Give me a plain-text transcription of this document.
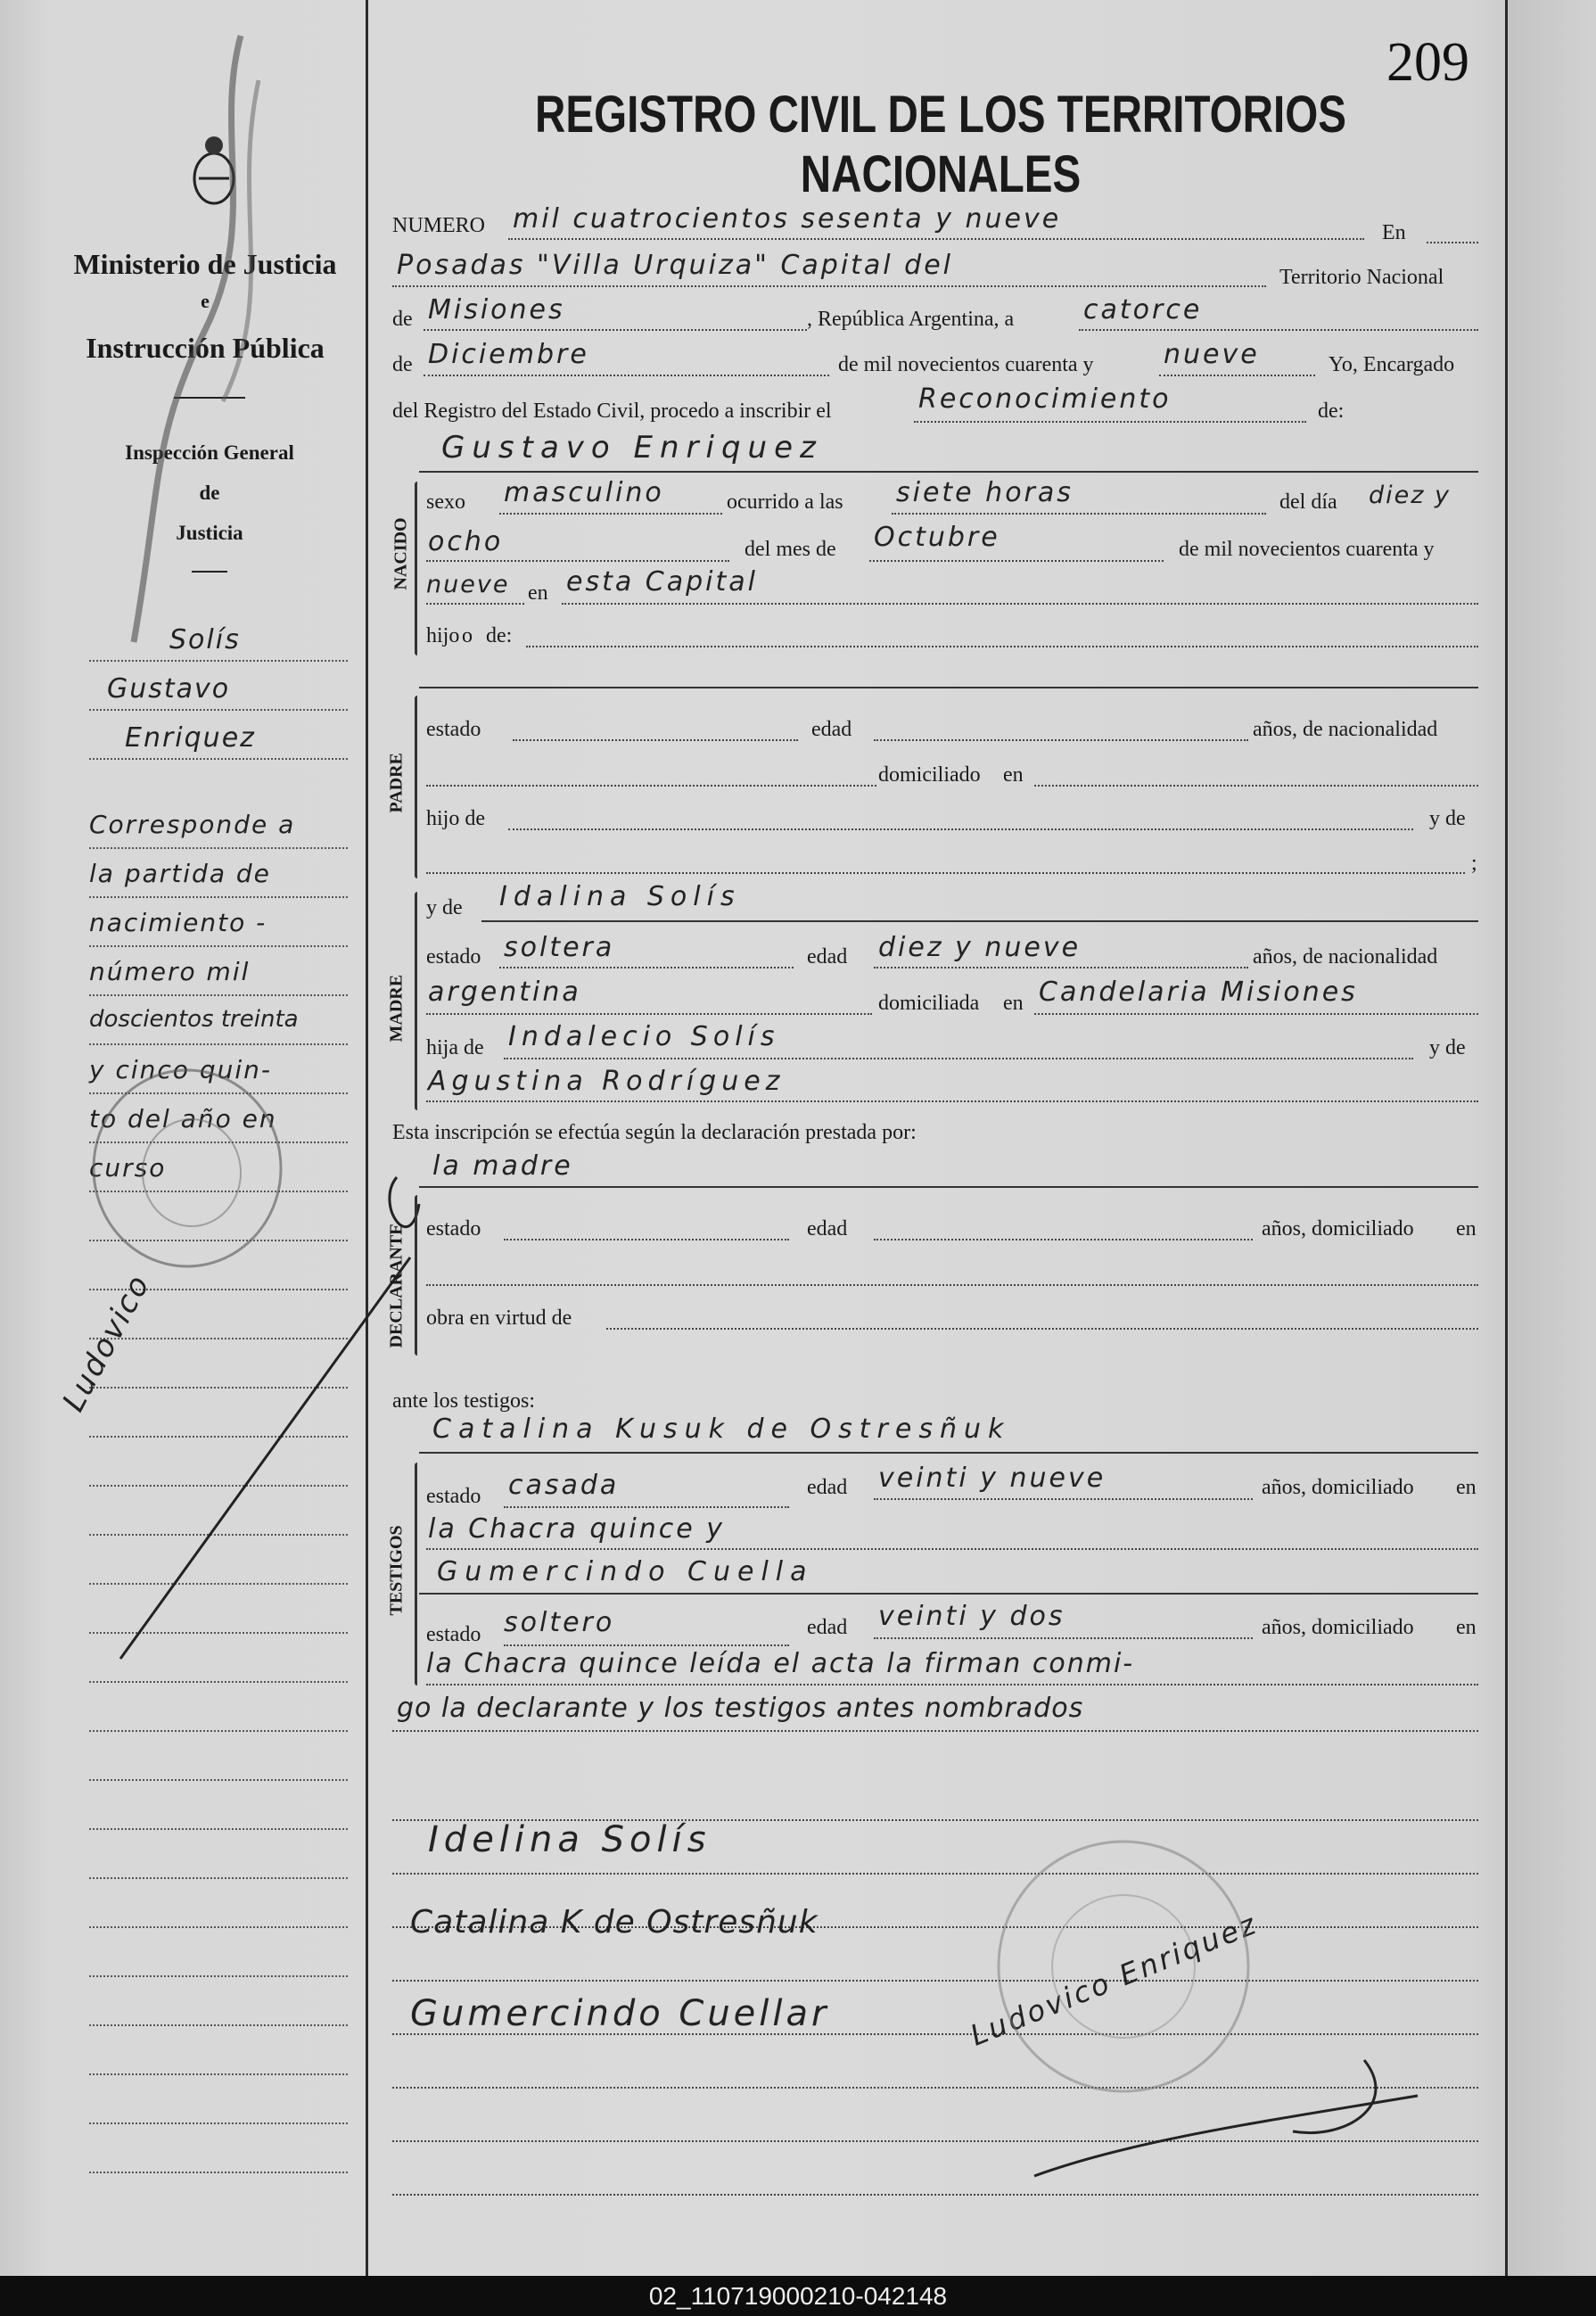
209
REGISTRO CIVIL DE LOS TERRITORIOS NACIONALES
Ministerio de Justicia
e
Instrucción Pública
Inspección General
de
Justicia
Solís
Gustavo
Enriquez
Corresponde a
la partida de
nacimiento -
número mil
doscientos treinta
y cinco quin-
to del año en
curso
Ludovico
NUMERO mil cuatrocientos sesenta y nueve	En
Posadas "Villa Urquiza" Capital del	Territorio Nacional
de Misiones	, República Argentina, a	catorce
de Diciembre	de mil novecientos cuarenta y	nueve	Yo, Encargado
del Registro del Estado Civil, procedo a inscribir el	Reconocimiento	de:
Gustavo Enriquez
NACIDO
sexo masculino	ocurrido a las siete horas	del día diez y
ocho	del mes de Octubre	de mil novecientos cuarenta y
nueve en esta Capital
hijo o de:
PADRE
estado	edad	años, de nacionalidad
domiciliado en
hijo de	y de
;
MADRE
y de Idalina Solís
estado soltera	edad diez y nueve	años, de nacionalidad
argentina	domiciliada en Candelaria Misiones
hija de Indalecio Solís	y de
Agustina Rodríguez
Esta inscripción se efectúa según la declaración prestada por:
la madre
DECLARANTE estado	edad	años, domiciliado en
obra en virtud de
ante los testigos:
Catalina Kusuk de Ostresñuk
TESTIGOS
estado casada	edad veinti y nueve	años, domiciliado en
la Chacra quince y
Gumercindo Cuella
estado soltero	edad veinti y dos	años, domiciliado en
la Chacra quince leída el acta la firman conmi-
go la declarante y los testigos antes nombrados
Idelina Solís
Catalina K de Ostresñuk
Gumercindo Cuellar	Ludovico Enriquez
02_110719000210-042148
